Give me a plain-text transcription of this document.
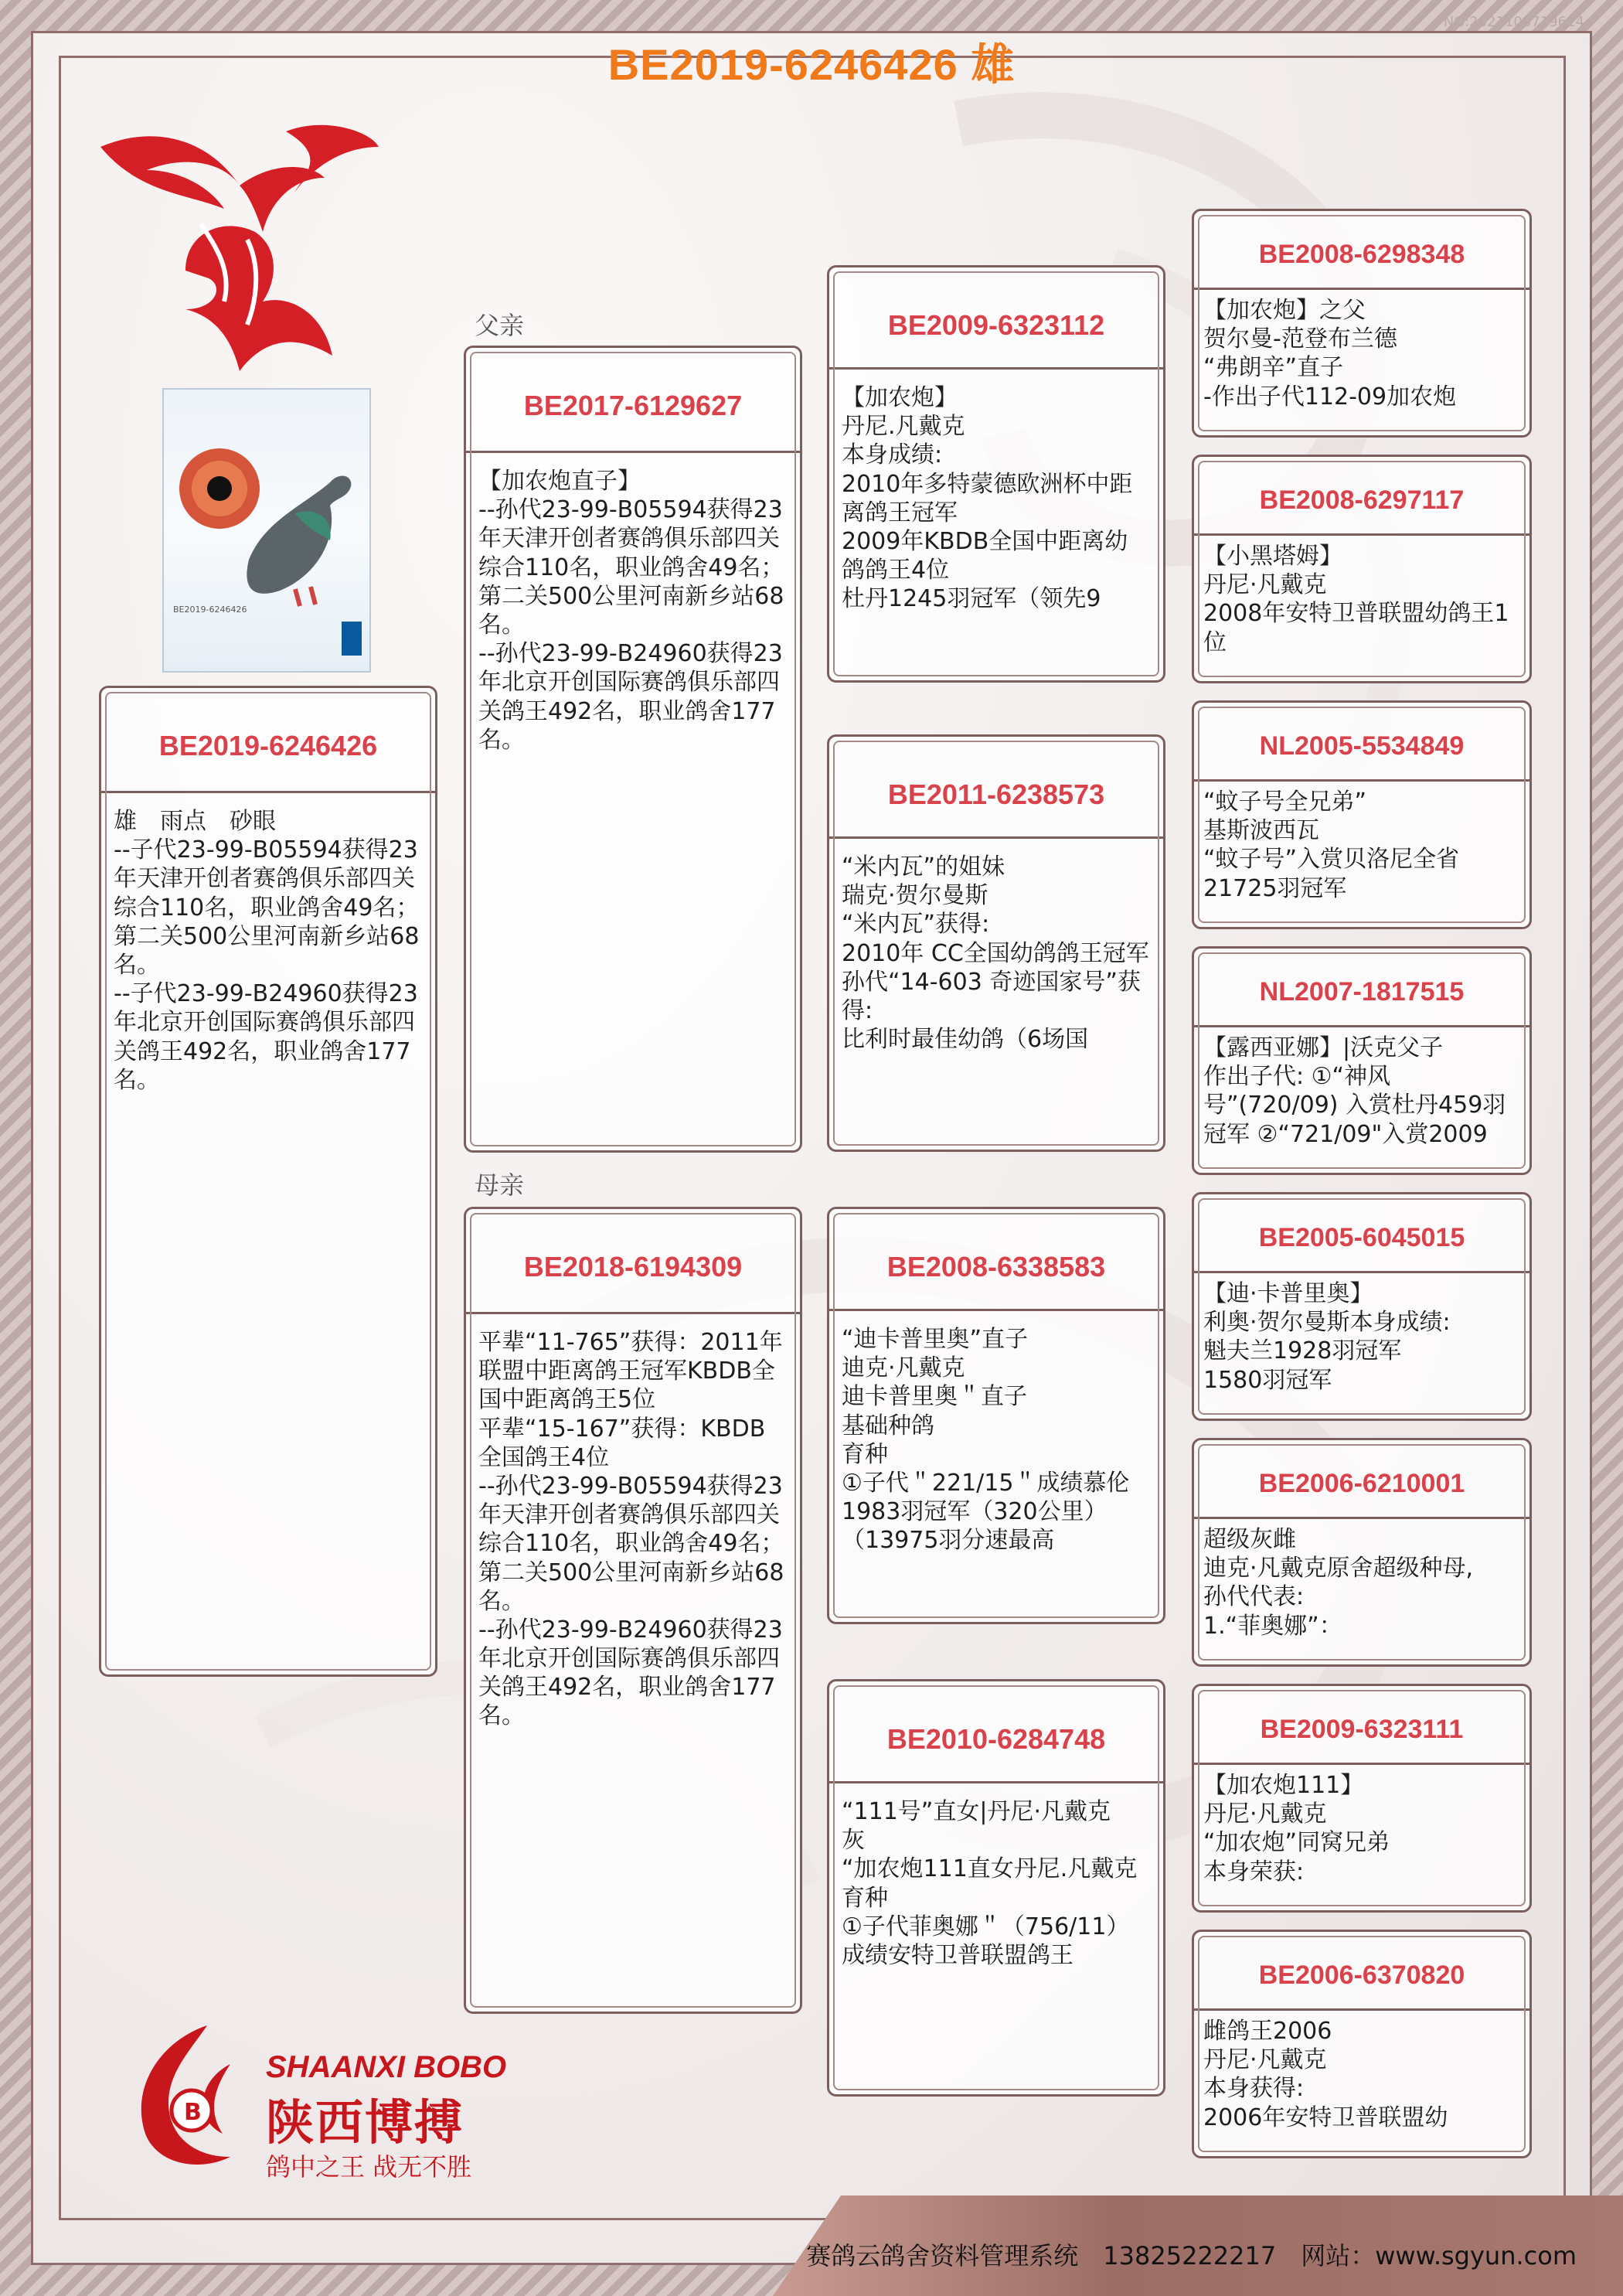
NO:2021100719614
BE2019-6246426 雄
BE2019-6246426
父亲
母亲
BE2019-6246426
雄　雨点　砂眼
--子代23-99-B05594获得23年天津开创者赛鸽俱乐部四关综合110名，职业鸽舍49名；第二关500公里河南新乡站68名。
--子代23-99-B24960获得23年北京开创国际赛鸽俱乐部四关鸽王492名，职业鸽舍177名。
BE2017-6129627
【加农炮直子】
--孙代23-99-B05594获得23年天津开创者赛鸽俱乐部四关综合110名，职业鸽舍49名；第二关500公里河南新乡站68名。
--孙代23-99-B24960获得23年北京开创国际赛鸽俱乐部四关鸽王492名，职业鸽舍177名。
BE2018-6194309
平辈“11-765”获得：2011年联盟中距离鸽王冠军KBDB全国中距离鸽王5位
平辈“15-167”获得：KBDB全国鸽王4位
--孙代23-99-B05594获得23年天津开创者赛鸽俱乐部四关综合110名，职业鸽舍49名；第二关500公里河南新乡站68名。
--孙代23-99-B24960获得23年北京开创国际赛鸽俱乐部四关鸽王492名，职业鸽舍177名。
BE2009-6323112
【加农炮】
丹尼.凡戴克
本身成绩:
2010年多特蒙德欧洲杯中距离鸽王冠军
2009年KBDB全国中距离幼鸽鸽王4位
杜丹1245羽冠军（领先9
BE2011-6238573
“米内瓦”的姐妹
瑞克·贺尔曼斯
“米内瓦”获得:
2010年 CC全国幼鸽鸽王冠军
孙代“14-603 奇迹国家号”获得:
比利时最佳幼鸽（6场国
BE2008-6338583
“迪卡普里奥”直子
迪克·凡戴克
迪卡普里奥＂直子
基础种鸽
育种
①子代＂221/15＂成绩慕伦1983羽冠军（320公里）（13975羽分速最高
BE2010-6284748
“111号”直女|丹尼·凡戴克
灰
“加农炮111直女丹尼.凡戴克
育种
①子代菲奥娜＂（756/11）成绩安特卫普联盟鸽王
BE2008-6298348
【加农炮】之父
贺尔曼-范登布兰德
“弗朗辛”直子
-作出子代112-09加农炮
BE2008-6297117
【小黑塔姆】
丹尼·凡戴克
2008年安特卫普联盟幼鸽王1位
NL2005-5534849
“蚊子号全兄弟”
基斯波西瓦
“蚊子号”入赏贝洛尼全省21725羽冠军
NL2007-1817515
【露西亚娜】|沃克父子
作出子代: ①“神风号”(720/09) 入赏杜丹459羽冠军 ②“721/09"入赏2009
BE2005-6045015
【迪·卡普里奥】
利奥·贺尔曼斯本身成绩:
魁夫兰1928羽冠军
1580羽冠军
BE2006-6210001
超级灰雌
迪克·凡戴克原舍超级种母,
孙代代表:
1.“菲奥娜”：
BE2009-6323111
【加农炮111】
丹尼·凡戴克
“加农炮”同窝兄弟
本身荣获:
BE2006-6370820
雌鸽王2006
丹尼·凡戴克
本身获得:
2006年安特卫普联盟幼
B
SHAANXI BOBO
陕西博搏
鸽中之王 战无不胜
赛鸽云鸽舍资料管理系统　13825222217　网站：www.sgyun.com
